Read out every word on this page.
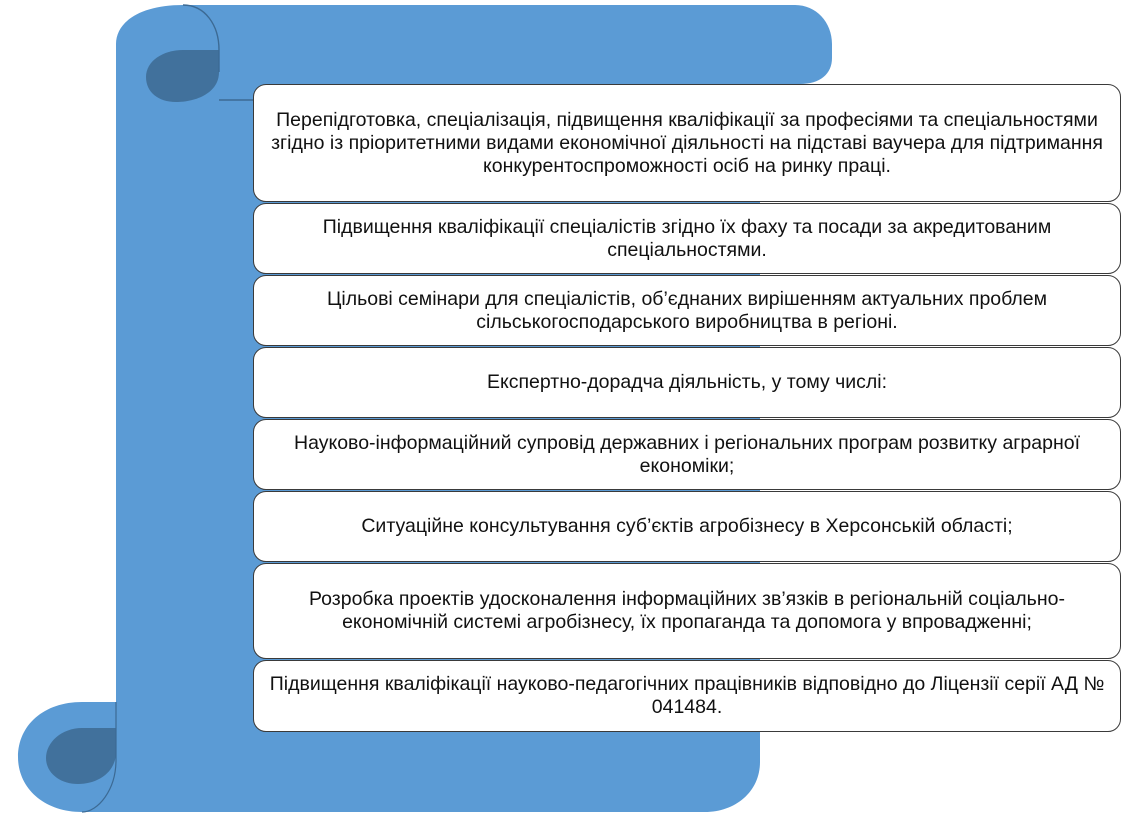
Перепідготовка, спеціалізація, підвищення кваліфікації за професіями та спеціальностями згідно із пріоритетними видами економічної діяльності на підставі ваучера для підтримання конкурентоспроможності осіб на ринку праці.
Підвищення кваліфікації спеціалістів згідно їх фаху та посади за акредитованим спеціальностями.
Цільові семінари для спеціалістів, об’єднаних вирішенням актуальних проблем сільськогосподарського виробництва в регіоні.
Експертно-дорадча діяльність, у тому числі:
Науково-інформаційний супровід державних і регіональних програм розвитку аграрної економіки;
Ситуаційне консультування суб’єктів агробізнесу в Херсонській області;
Розробка проектів удосконалення інформаційних зв’язків в регіональній соціально-економічній системі агробізнесу, їх пропаганда та допомога у впровадженні;
Підвищення кваліфікації науково-педагогічних працівників відповідно до Ліцензії серії АД № 041484.
